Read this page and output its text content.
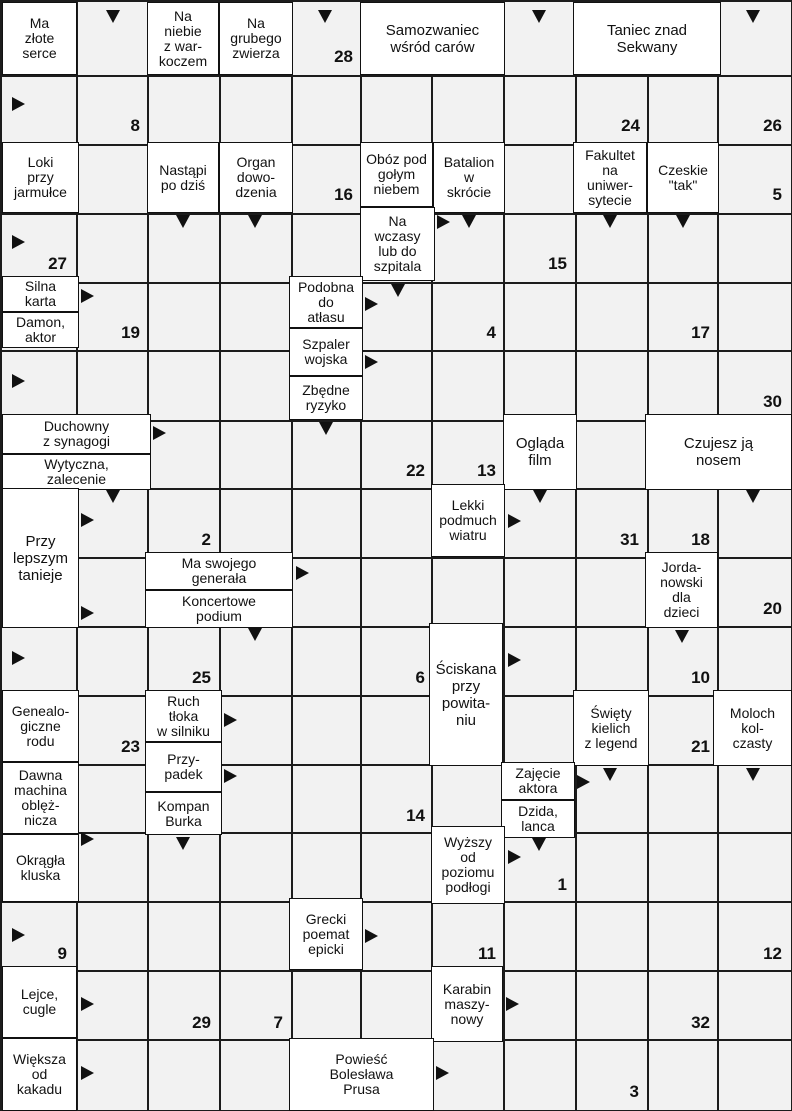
Ma
złote
serce
Na
niebie
z war-
koczem
Na
grubego
zwierza
Samozwaniec
wśród carów
Taniec znad
Sekwany
Loki
przy
jarmułce
Nastąpi
po dziś
Organ
dowo-
dzenia
Obóz pod
gołym
niebem
Batalion
w
skrócie
Fakultet
na
uniwer-
sytecie
Czeskie
"tak"
Na
wczasy
lub do
szpitala
Silna
karta
Damon,
aktor
Podobna
do
atłasu
Szpaler
wojska
Zbędne
ryzyko
Duchowny
z synagogi
Wytyczna,
zalecenie
Ogląda
film
Czujesz ją
nosem
Przy
lepszym
tanieje
Lekki
podmuch
wiatru
Ma swojego
generała
Koncertowe
podium
Jorda-
nowski
dla
dzieci
Ściskana
przy
powita-
niu
Genealo-
giczne
rodu
Ruch
tłoka
w silniku
Przy-
padek
Kompan
Burka
Święty
kielich
z legend
Moloch
kol-
czasty
Dawna
machina
oblęż-
nicza
Zajęcie
aktora
Dzida,
lanca
Okrągła
kluska
Wyższy
od
poziomu
podłogi
Grecki
poemat
epicki
Lejce,
cugle
Karabin
maszy-
nowy
Większa
od
kakadu
Powieść
Bolesława
Prusa
28
8	24	26
16	5
27	15
19	4	17
30
22	13
2	31	18
20
25	6	10
23	21
14
1
9	11	12
29	7	32
3
